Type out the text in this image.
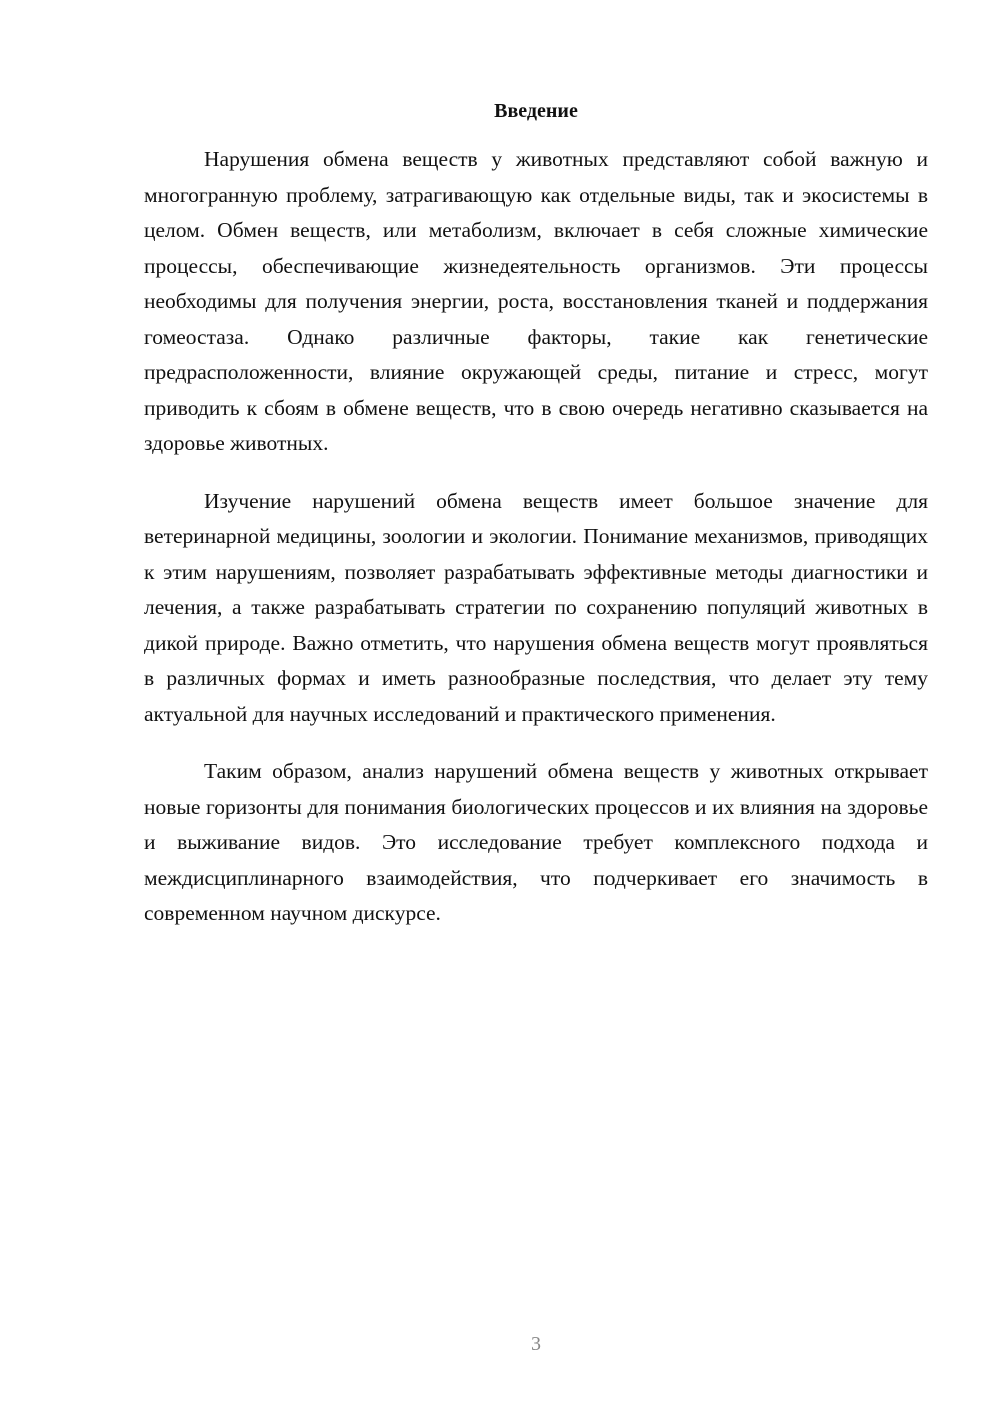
Введение

Нарушения обмена веществ у животных представляют собой важную и многогранную проблему, затрагивающую как отдельные виды, так и экосистемы в целом. Обмен веществ, или метаболизм, включает в себя сложные химические процессы, обеспечивающие жизнедеятельность организмов. Эти процессы необходимы для получения энергии, роста, восстановления тканей и поддержания гомеостаза. Однако различные факторы, такие как генетические предрасположенности, влияние окружающей среды, питание и стресс, могут приводить к сбоям в обмене веществ, что в свою очередь негативно сказывается на здоровье животных.

Изучение нарушений обмена веществ имеет большое значение для ветеринарной медицины, зоологии и экологии. Понимание механизмов, приводящих к этим нарушениям, позволяет разрабатывать эффективные методы диагностики и лечения, а также разрабатывать стратегии по сохранению популяций животных в дикой природе. Важно отметить, что нарушения обмена веществ могут проявляться в различных формах и иметь разнообразные последствия, что делает эту тему актуальной для научных исследований и практического применения.

Таким образом, анализ нарушений обмена веществ у животных открывает новые горизонты для понимания биологических процессов и их влияния на здоровье и выживание видов. Это исследование требует комплексного подхода и междисциплинарного взаимодействия, что подчеркивает его значимость в современном научном дискурсе.

3
